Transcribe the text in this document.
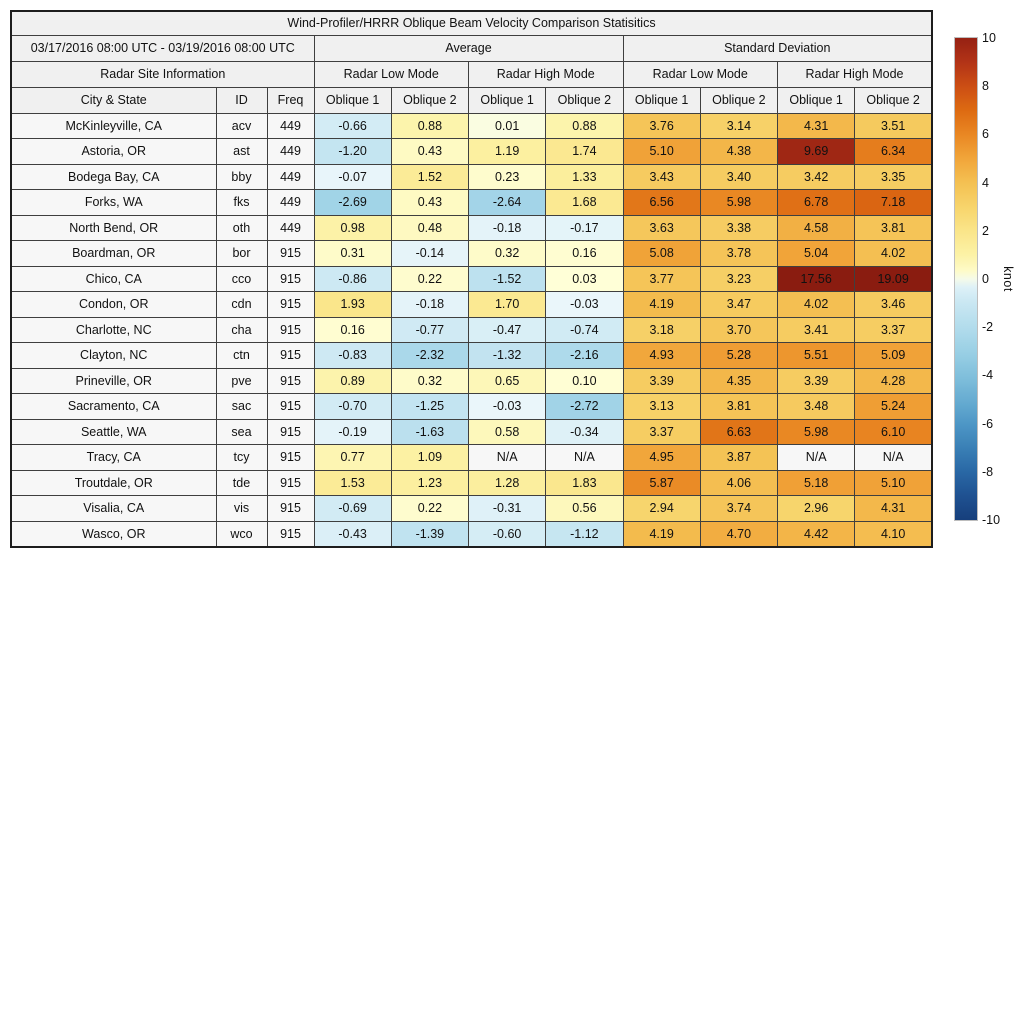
Wind-Profiler/HRRR Oblique Beam Velocity Comparison Statisitics										
03/17/2016 08:00 UTC - 03/19/2016 08:00 UTC			Average				Standard Deviation			
Radar Site Information			Radar Low Mode		Radar High Mode		Radar Low Mode		Radar High Mode	
City & State	ID	Freq	Oblique 1	Oblique 2	Oblique 1	Oblique 2	Oblique 1	Oblique 2	Oblique 1	Oblique 2
McKinleyville, CA	acv	449	-0.66	0.88	0.01	0.88	3.76	3.14	4.31	3.51
Astoria, OR	ast	449	-1.20	0.43	1.19	1.74	5.10	4.38	9.69	6.34
Bodega Bay, CA	bby	449	-0.07	1.52	0.23	1.33	3.43	3.40	3.42	3.35
Forks, WA	fks	449	-2.69	0.43	-2.64	1.68	6.56	5.98	6.78	7.18
North Bend, OR	oth	449	0.98	0.48	-0.18	-0.17	3.63	3.38	4.58	3.81
Boardman, OR	bor	915	0.31	-0.14	0.32	0.16	5.08	3.78	5.04	4.02
Chico, CA	cco	915	-0.86	0.22	-1.52	0.03	3.77	3.23	17.56	19.09
Condon, OR	cdn	915	1.93	-0.18	1.70	-0.03	4.19	3.47	4.02	3.46
Charlotte, NC	cha	915	0.16	-0.77	-0.47	-0.74	3.18	3.70	3.41	3.37
Clayton, NC	ctn	915	-0.83	-2.32	-1.32	-2.16	4.93	5.28	5.51	5.09
Prineville, OR	pve	915	0.89	0.32	0.65	0.10	3.39	4.35	3.39	4.28
Sacramento, CA	sac	915	-0.70	-1.25	-0.03	-2.72	3.13	3.81	3.48	5.24
Seattle, WA	sea	915	-0.19	-1.63	0.58	-0.34	3.37	6.63	5.98	6.10
Tracy, CA	tcy	915	0.77	1.09	N/A	N/A	4.95	3.87	N/A	N/A
Troutdale, OR	tde	915	1.53	1.23	1.28	1.83	5.87	4.06	5.18	5.10
Visalia, CA	vis	915	-0.69	0.22	-0.31	0.56	2.94	3.74	2.96	4.31
Wasco, OR	wco	915	-0.43	-1.39	-0.60	-1.12	4.19	4.70	4.42	4.10
10
8
6
4
2
0
-2
-4
-6
-8
-10
knot
